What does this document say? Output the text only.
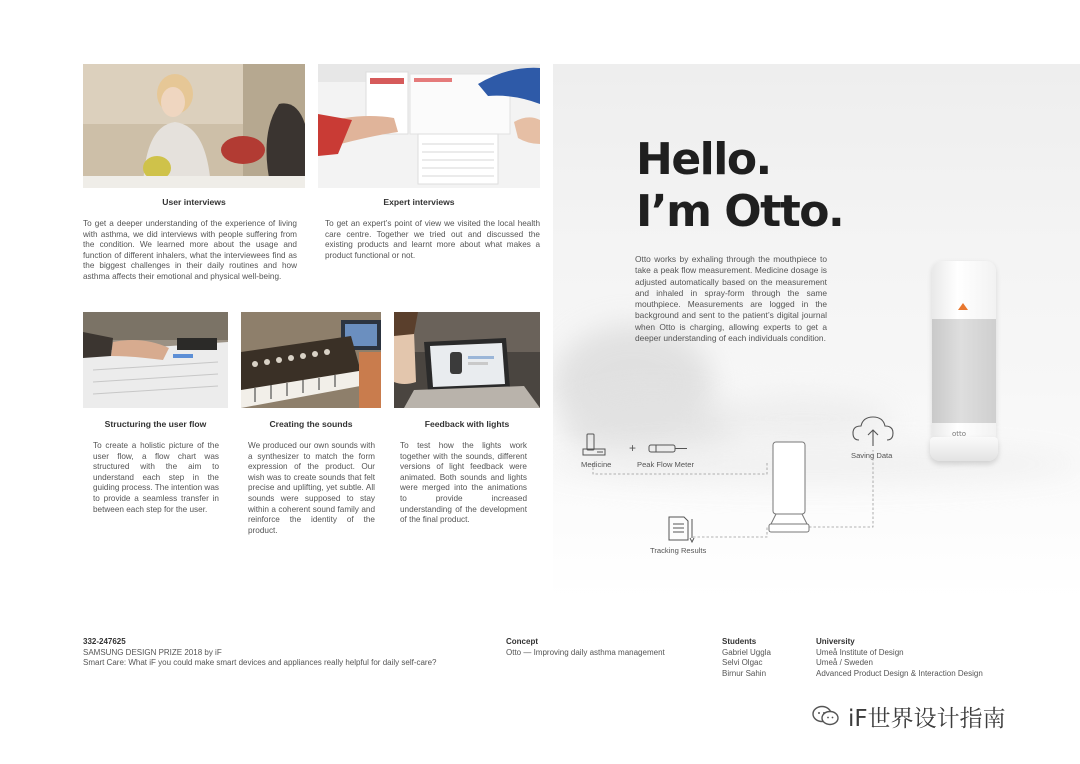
Hello.
I’m Otto.
Otto works by exhaling through the mouthpiece to take a peak flow measurement. Medicine dosage is adjusted automatically based on the measurement and inhaled in spray-form through the same mouthpiece. Measurements are logged in the background and sent to the patient’s digital journal when Otto is charging, allowing experts to get a deeper understanding of each individuals condition.
otto
Medicine
+
Peak Flow Meter
Saving Data
Tracking Results
User interviews
To get a deeper understanding of the experience of living with asthma, we did interviews with people suffering from the condition. We learned more about the usage and function of different inhalers, what the interviewees find as the biggest challenges in their daily routines and how asthma affects their emotional and physical well-being.
Expert interviews
To get an expert’s point of view we visited the local health care centre. Together we tried out and discussed the existing products and learnt more about what makes a product functional or not.
Structuring the user flow
To create a holistic picture of the user flow, a flow chart was structured with the aim to understand each step in the guiding process. The intention was to provide a seamless transfer in between each step for the user.
Creating the sounds
We produced our own sounds with a synthesizer to match the form expression of the product. Our wish was to create sounds that felt precise and uplifting, yet subtle. All sounds were supposed to stay within a coherent sound family and reinforce the identity of the product.
Feedback with lights
To test how the lights work together with the sounds, different versions of light feedback were animated. Both sounds and lights were merged into the animations to provide increased understanding of the development of the final product.
332-247625
SAMSUNG DESIGN PRIZE 2018 by iF
Smart Care: What iF you could make smart devices and appliances really helpful for daily self-care?
Concept
Otto — Improving daily asthma management
Students
Gabriel Uggla
Selvi Olgac
Birnur Sahin
University
Umeå Institute of Design
Umeå / Sweden
Advanced Product Design & Interaction Design
iF世界设计指南
